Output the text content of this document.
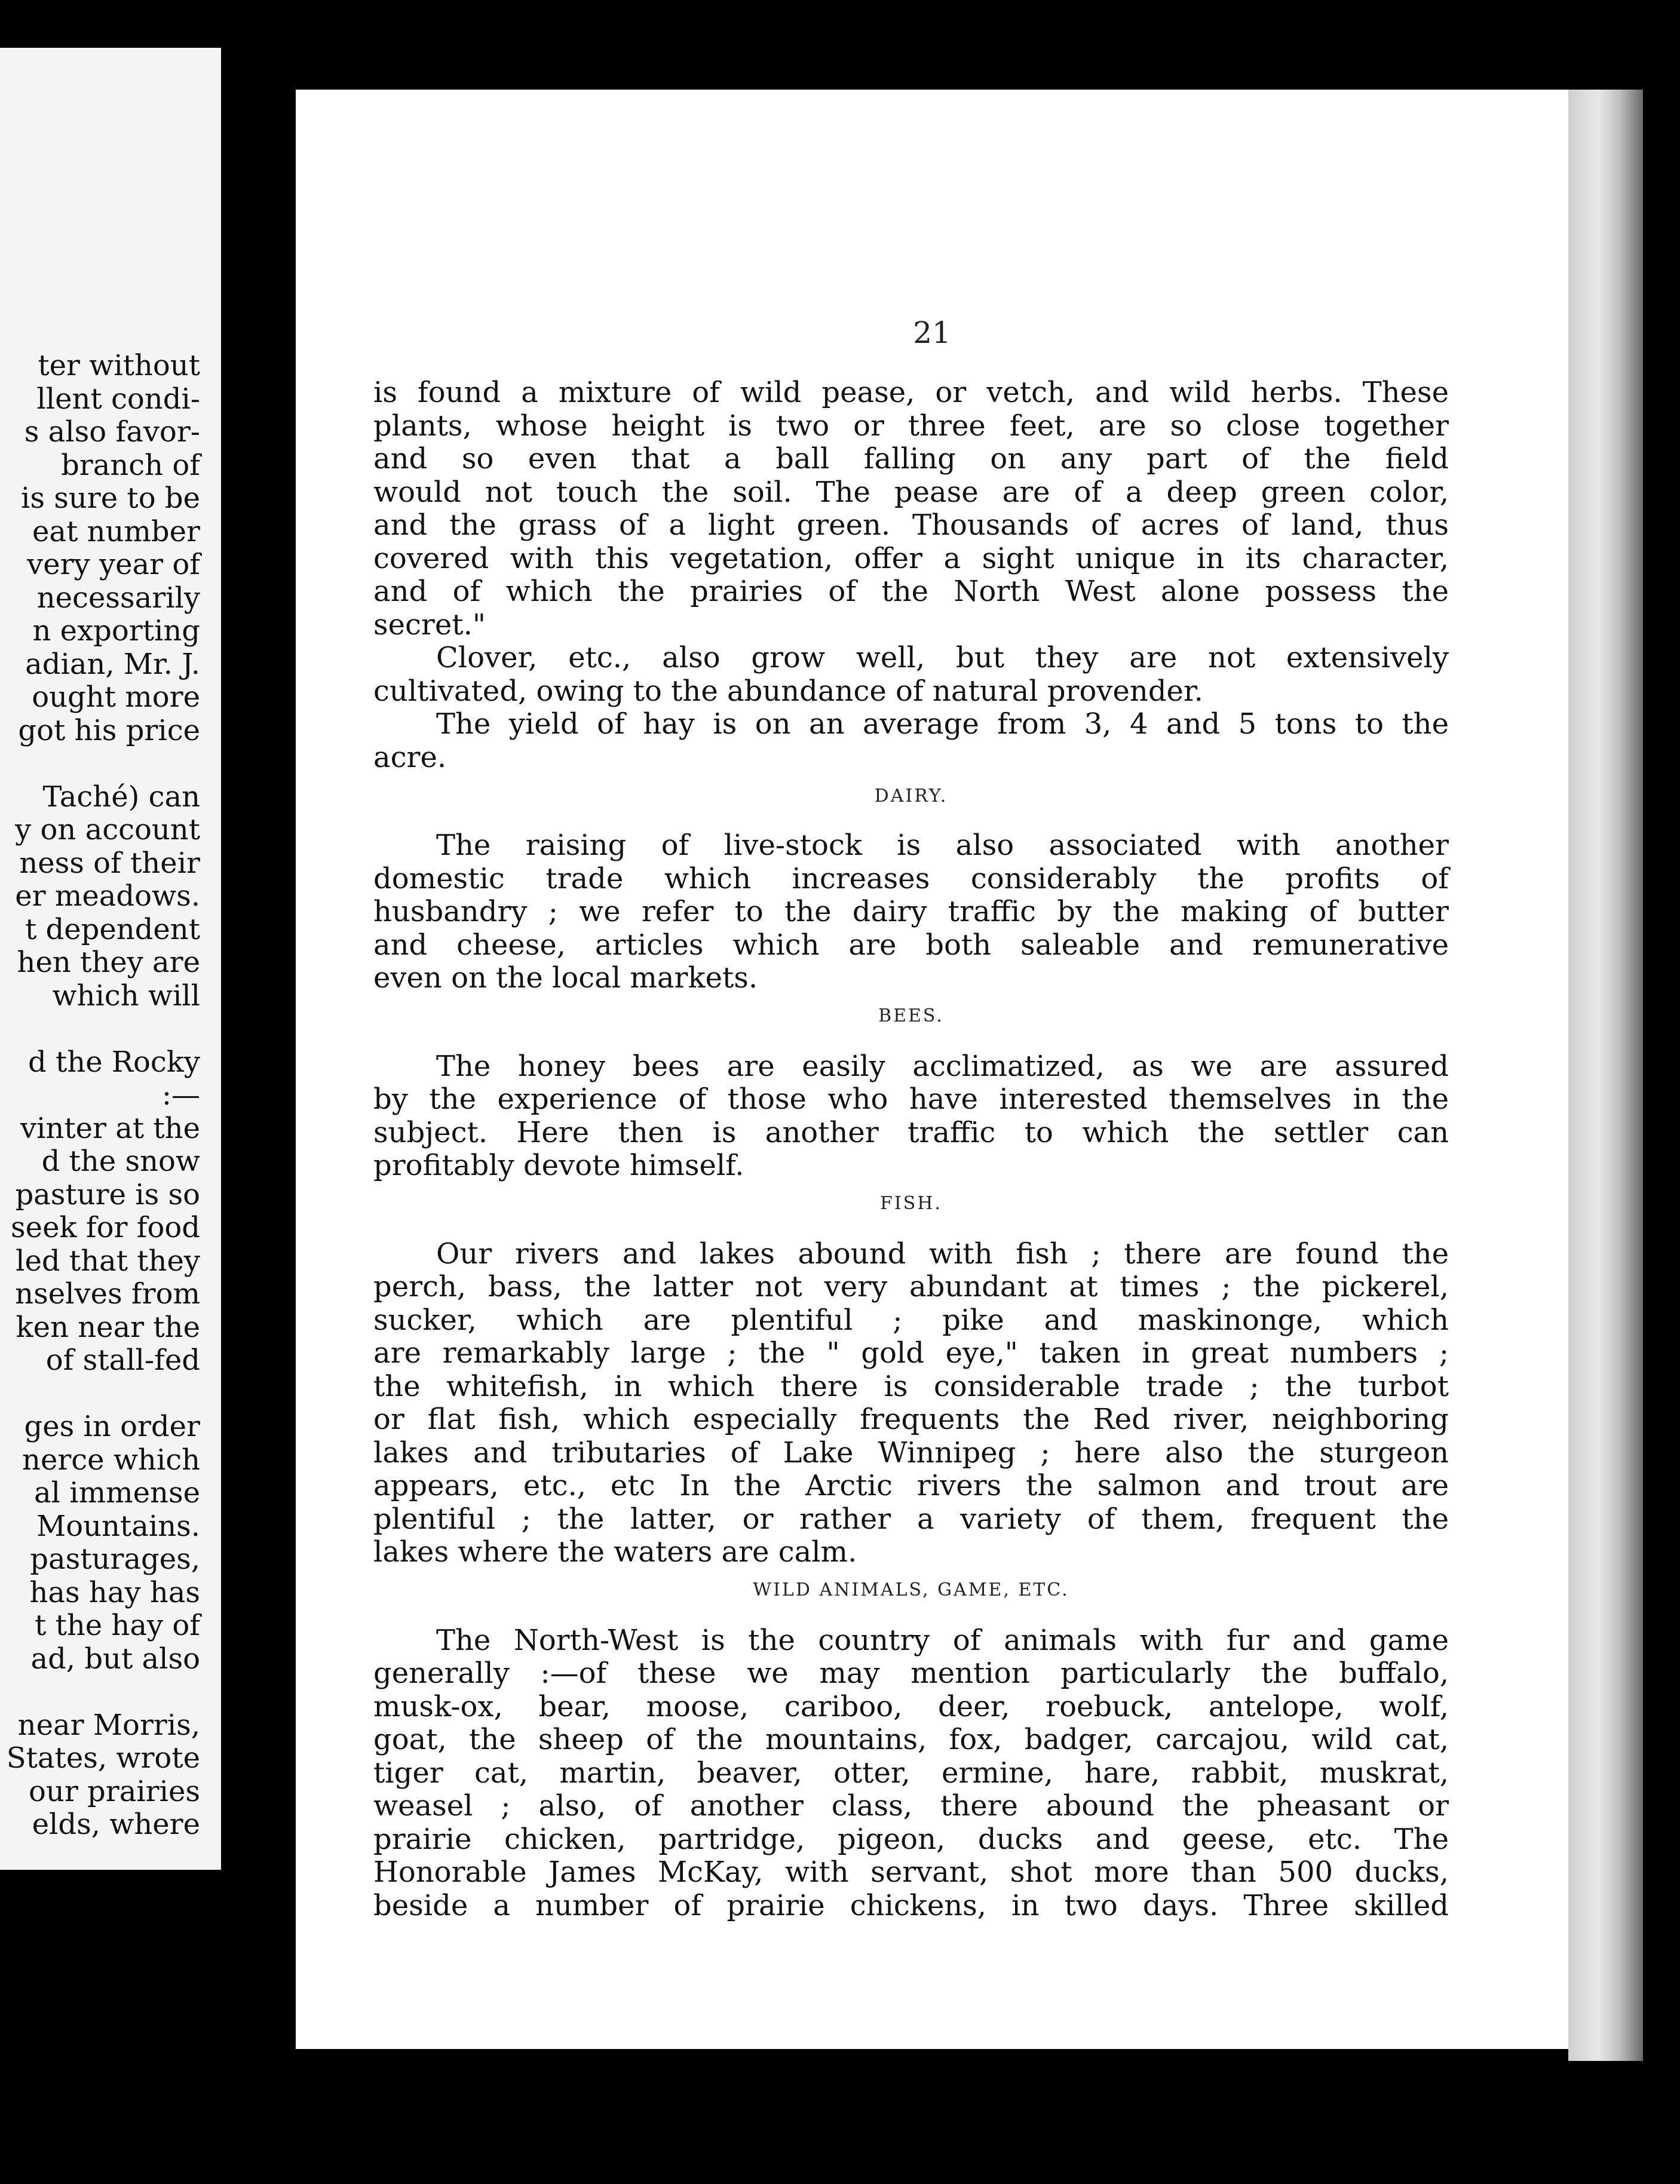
ter without
llent condi-
s also favor-
branch of
is sure to be
eat number
very year of
necessarily
n exporting
adian, Mr. J.
ought more
got his price
Taché) can
y on account
ness of their
er meadows.
t dependent
hen they are
which will
d the Rocky
:—
vinter at the
d the snow
pasture is so
seek for food
led that they
nselves from
ken near the
of stall-fed
ges in order
nerce which
al immense
Mountains.
pasturages,
has hay has
t the hay of
ad, but also
near Morris,
States, wrote
our prairies
elds, where
21
is found a mixture of wild pease, or vetch, and wild herbs. These
plants, whose height is two or three feet, are so close together
and so even that a ball falling on any part of the field
would not touch the soil. The pease are of a deep green color,
and the grass of a light green. Thousands of acres of land, thus
covered with this vegetation, offer a sight unique in its character,
and of which the prairies of the North West alone possess the
secret."
Clover, etc., also grow well, but they are not extensively
cultivated, owing to the abundance of natural provender.
The yield of hay is on an average from 3, 4 and 5 tons to the
acre.
DAIRY.
The raising of live-stock is also associated with another
domestic trade which increases considerably the profits of
husbandry ; we refer to the dairy traffic by the making of butter
and cheese, articles which are both saleable and remunerative
even on the local markets.
BEES.
The honey bees are easily acclimatized, as we are assured
by the experience of those who have interested themselves in the
subject. Here then is another traffic to which the settler can
profitably devote himself.
FISH.
Our rivers and lakes abound with fish ; there are found the
perch, bass, the latter not very abundant at times ; the pickerel,
sucker, which are plentiful ; pike and maskinonge, which
are remarkably large ; the " gold eye," taken in great numbers ;
the whitefish, in which there is considerable trade ; the turbot
or flat fish, which especially frequents the Red river, neighboring
lakes and tributaries of Lake Winnipeg ; here also the sturgeon
appears, etc., etc In the Arctic rivers the salmon and trout are
plentiful ; the latter, or rather a variety of them, frequent the
lakes where the waters are calm.
WILD ANIMALS, GAME, ETC.
The North-West is the country of animals with fur and game
generally :—of these we may mention particularly the buffalo,
musk-ox, bear, moose, cariboo, deer, roebuck, antelope, wolf,
goat, the sheep of the mountains, fox, badger, carcajou, wild cat,
tiger cat, martin, beaver, otter, ermine, hare, rabbit, muskrat,
weasel ; also, of another class, there abound the pheasant or
prairie chicken, partridge, pigeon, ducks and geese, etc. The
Honorable James McKay, with servant, shot more than 500 ducks,
beside a number of prairie chickens, in two days. Three skilled
